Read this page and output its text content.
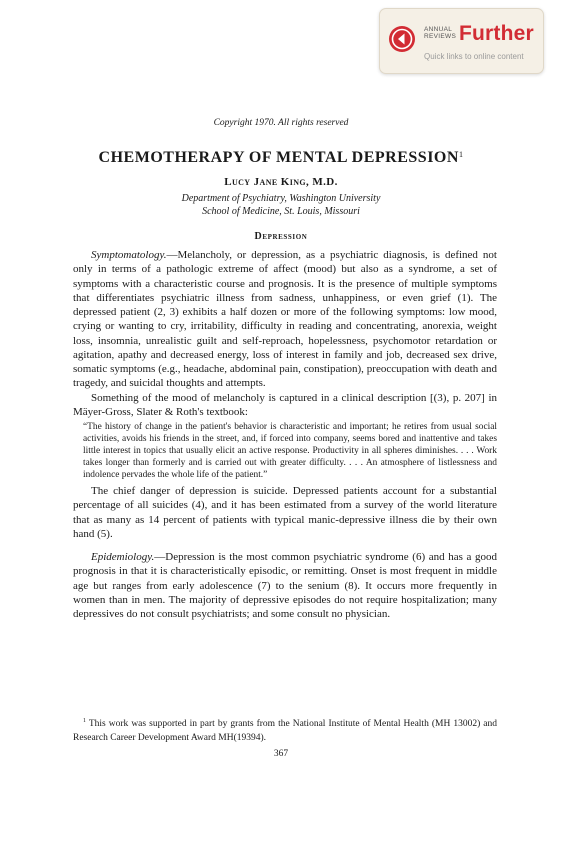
ANNUAL
REVIEWS Further
Quick links to online content
Copyright 1970. All rights reserved
CHEMOTHERAPY OF MENTAL DEPRESSION$^1$
Lucy Jane King, M.D.
Department of Psychiatry, Washington University
School of Medicine, St. Louis, Missouri
Depression

Symptomatology.—Melancholy, or depression, as a psychiatric diagnosis, is defined not only in terms of a pathologic extreme of affect (mood) but also as a syndrome, a set of symptoms with a characteristic course and prognosis. It is the presence of multiple symptoms that differentiates psychiatric illness from sadness, unhappiness, or even grief (1). The depressed patient (2, 3) exhibits a half dozen or more of the following symptoms: low mood, crying or wanting to cry, irritability, difficulty in reading and concentrating, anorexia, weight loss, insomnia, unrealistic guilt and self-reproach, hopelessness, psychomotor retardation or agitation, apathy and decreased energy, loss of interest in family and job, decreased sex drive, somatic symptoms (e.g., headache, abdominal pain, constipation), preoccupation with death and tragedy, and suicidal thoughts and attempts.

Something of the mood of melancholy is captured in a clinical description [(3), p. 207] in Mäyer-Gross, Slater & Roth's textbook:

“The history of change in the patient's behavior is characteristic and important; he retires from usual social activities, avoids his friends in the street, and, if forced into company, seems bored and inattentive and takes little interest in topics that usually elicit an active response. Productivity in all spheres diminishes. . . . Work takes longer than formerly and is carried out with greater difficulty. . . . An atmosphere of listlessness and indolence pervades the whole life of the patient.”

The chief danger of depression is suicide. Depressed patients account for a substantial percentage of all suicides (4), and it has been estimated from a survey of the world literature that as many as 14 percent of patients with typical manic-depressive illness die by their own hand (5).

Epidemiology.—Depression is the most common psychiatric syndrome (6) and has a good prognosis in that it is characteristically episodic, or remitting. Onset is most frequent in middle age but ranges from early adolescence (7) to the senium (8). It occurs more frequently in women than in men. The majority of depressive episodes do not require hospitalization; many depressives do not consult psychiatrists; and some consult no physician.

$^1$ This work was supported in part by grants from the National Institute of Mental Health (MH 13002) and Research Career Development Award MH(19394).
367
